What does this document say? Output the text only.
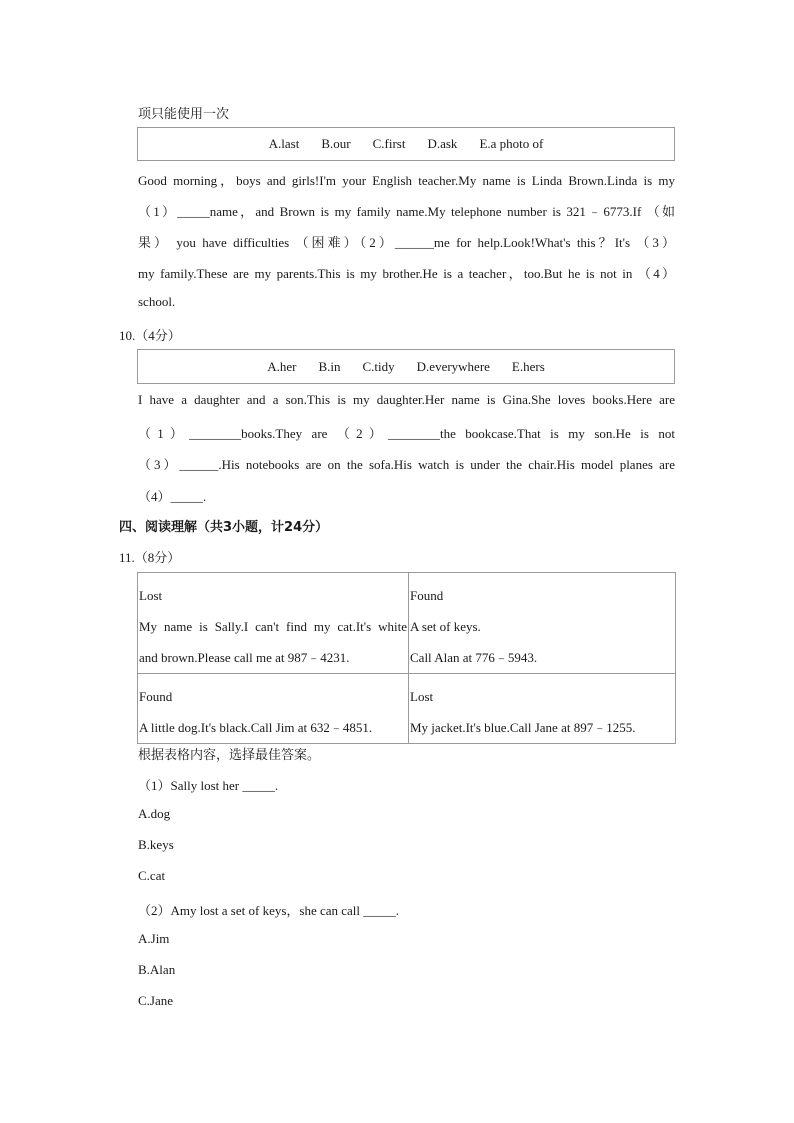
项只能使用一次
A.last B.our C.first D.ask E.a photo of
Good morning，boys and girls!I'm your English teacher.My name is Linda Brown.Linda is my
（1）_____name，and Brown is my family name.My telephone number is 321﹣6773.If （如
果） you have difficulties （困难）（2）______me for help.Look!What's this？It's （3）
my family.These are my parents.This is my brother.He is a teacher，too.But he is not in （4）
school.
10.（4分）
A.her B.in C.tidy D.everywhere E.hers
I have a daughter and a son.This is my daughter.Her name is Gina.She loves books.Here are
（1）________books.They are （2）________the bookcase.That is my son.He is not
（3）______.His notebooks are on the sofa.His watch is under the chair.His model planes are
（4）_____.
四、阅读理解（共3小题，计24分）
11.（8分）
Lost
My name is Sally.I can't find my cat.It's white
and brown.Please call me at 987﹣4231.	Found
A set of keys.
Call Alan at 776﹣5943.

Found
A little dog.It's black.Call Jim at 632﹣4851.	Lost
My jacket.It's blue.Call Jane at 897﹣1255.
根据表格内容，选择最佳答案。
（1）Sally lost her _____.
A.dog
B.keys
C.cat
（2）Amy lost a set of keys，she can call _____.
A.Jim
B.Alan
C.Jane
